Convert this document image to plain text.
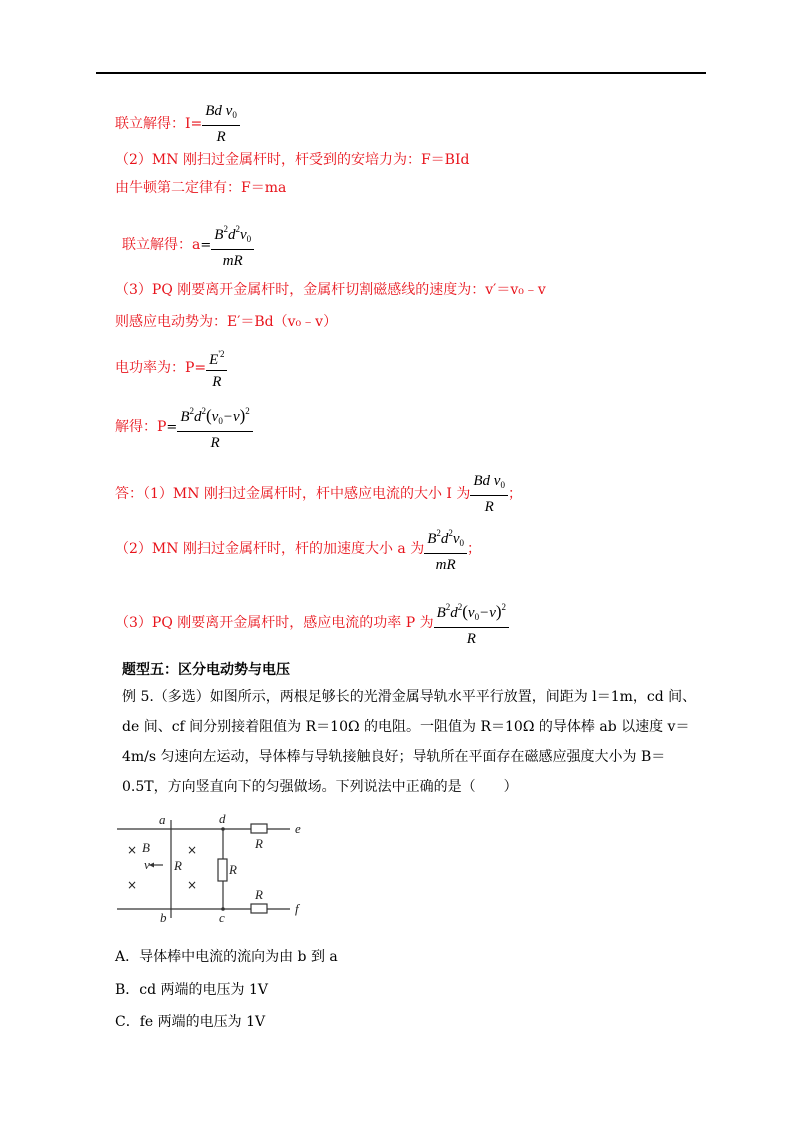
联立解得：$I= \frac{Bd v_0}{R}$
（2）MN 刚扫过金属杆时，杆受到的安培力为：F＝BId
由牛顿第二定律有：F＝ma
联立解得：$a= \frac{B^2d^2v_0}{mR}$
（3）PQ 刚要离开金属杆时，金属杆切割磁感线的速度为：v′＝v₀﹣v
则感应电动势为：E′＝Bd（v₀﹣v）
电功率为：$P= \frac{E^{'2}}{R}$
解得：$P= \frac{B^2d^2(v_0-v)^2}{R}$
答：（1）MN 刚扫过金属杆时，杆中感应电流的大小 I 为 $\frac{Bd v_0}{R}$ ；
（2）MN 刚扫过金属杆时，杆的加速度大小 a 为 $\frac{B^2d^2v_0}{mR}$ ；
（3）PQ 刚要离开金属杆时，感应电流的功率 P 为 $\frac{B^2d^2(v_0-v)^2}{R}$
题型五：区分电动势与电压
例 5.（多选）如图所示，两根足够长的光滑金属导轨水平平行放置，间距为 l＝1m，cd 间、de 间、cf 间分别接着阻值为 R＝10Ω 的电阻。一阻值为 R＝10Ω 的导体棒 ab 以速度 v＝4m/s 匀速向左运动，导体棒与导轨接触良好；导轨所在平面存在磁感应强度大小为 B＝0.5T，方向竖直向下的匀强做场。下列说法中正确的是（　　）
a
b
d
c
e
f
B
R	R
R
R
v
×	×
×	×
A．导体棒中电流的流向为由 b 到 a
B．cd 两端的电压为 1V
C．fe 两端的电压为 1V
